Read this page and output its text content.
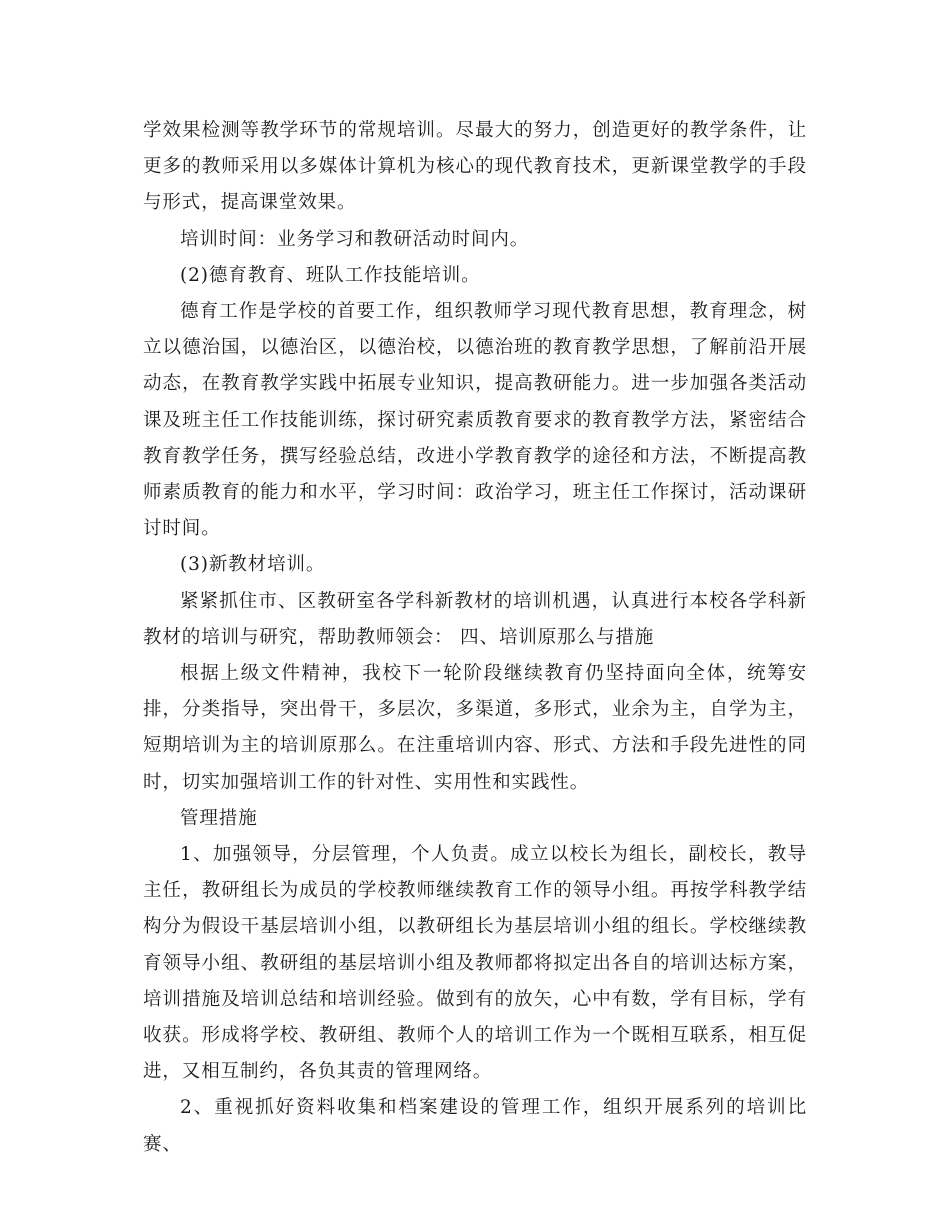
学效果检测等教学环节的常规培训。尽最大的努力，创造更好的教学条件，让更多的教师采用以多媒体计算机为核心的现代教育技术，更新课堂教学的手段与形式，提高课堂效果。

培训时间：业务学习和教研活动时间内。

(2)德育教育、班队工作技能培训。

德育工作是学校的首要工作，组织教师学习现代教育思想，教育理念，树立以德治国，以德治区，以德治校，以德治班的教育教学思想，了解前沿开展动态，在教育教学实践中拓展专业知识，提高教研能力。进一步加强各类活动课及班主任工作技能训练，探讨研究素质教育要求的教育教学方法，紧密结合教育教学任务，撰写经验总结，改进小学教育教学的途径和方法，不断提高教师素质教育的能力和水平，学习时间：政治学习，班主任工作探讨，活动课研讨时间。

(3)新教材培训。

紧紧抓住市、区教研室各学科新教材的培训机遇，认真进行本校各学科新教材的培训与研究，帮助教师领会： 四、培训原那么与措施

根据上级文件精神，我校下一轮阶段继续教育仍坚持面向全体，统筹安排，分类指导，突出骨干，多层次，多渠道，多形式，业余为主，自学为主，短期培训为主的培训原那么。在注重培训内容、形式、方法和手段先进性的同时，切实加强培训工作的针对性、实用性和实践性。

管理措施

1、加强领导，分层管理，个人负责。成立以校长为组长，副校长，教导主任，教研组长为成员的学校教师继续教育工作的领导小组。再按学科教学结构分为假设干基层培训小组，以教研组长为基层培训小组的组长。学校继续教育领导小组、教研组的基层培训小组及教师都将拟定出各自的培训达标方案，培训措施及培训总结和培训经验。做到有的放矢，心中有数，学有目标，学有收获。形成将学校、教研组、教师个人的培训工作为一个既相互联系，相互促进，又相互制约，各负其责的管理网络。

2、重视抓好资料收集和档案建设的管理工作，组织开展系列的培训比赛、
